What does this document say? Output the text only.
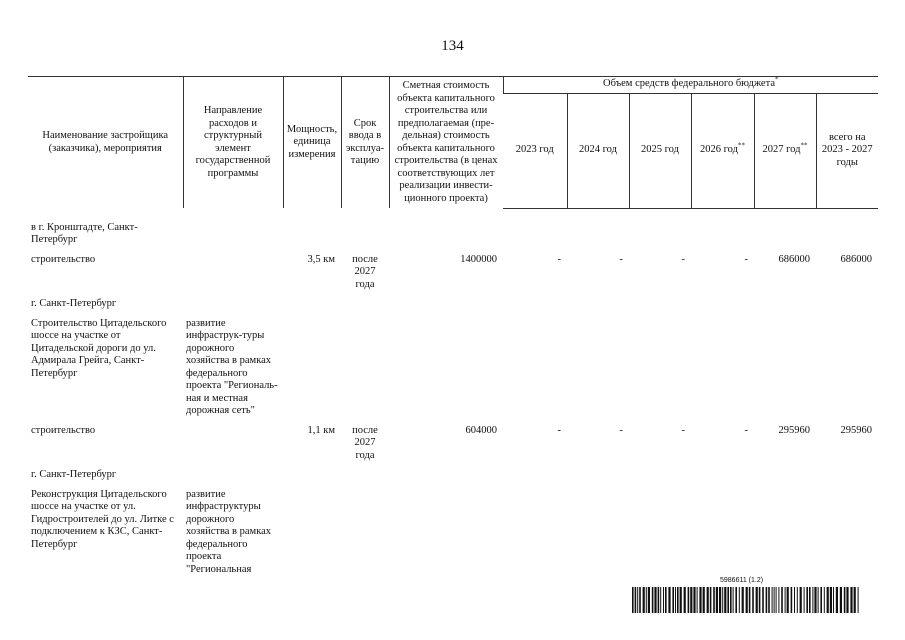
134
Наименование застройщика (заказчика), мероприятия	Направление расходов и структурный элемент государственной программы	Мощность, единица измерения	Срок ввода в эксплуа-тацию	Сметная стоимость объекта капитального строительства или предполагаемая (пре-дельная) стоимость объекта капитального строительства (в ценах соответствующих лет реализации инвести-ционного проекта)	Объем средств федерального бюджета*
					2023 год	2024 год	2025 год	2026 год**	2027 год**	всего на 2023 - 2027 годы

в г. Кронштадте, Санкт-Петербург										
строительство		3,5 км	после 2027 года	1400000	-	-	-	-	686000	686000
г. Санкт-Петербург										
Строительство Цитадельского шоссе на участке от Цитадельской дороги до ул. Адмирала Грейга, Санкт-Петербург	развитие инфраструк-туры дорожного хозяйства в рамках федерального проекта "Региональ-ная и местная дорожная сеть"									
строительство		1,1 км	после 2027 года	604000	-	-	-	-	295960	295960
г. Санкт-Петербург										
Реконструкция Цитадельского шоссе на участке от ул. Гидростроителей до ул. Литке с подключением к КЗС, Санкт-Петербург	развитие инфраструктуры дорожного хозяйства в рамках федерального проекта "Региональная									
5986611 (1.2)
